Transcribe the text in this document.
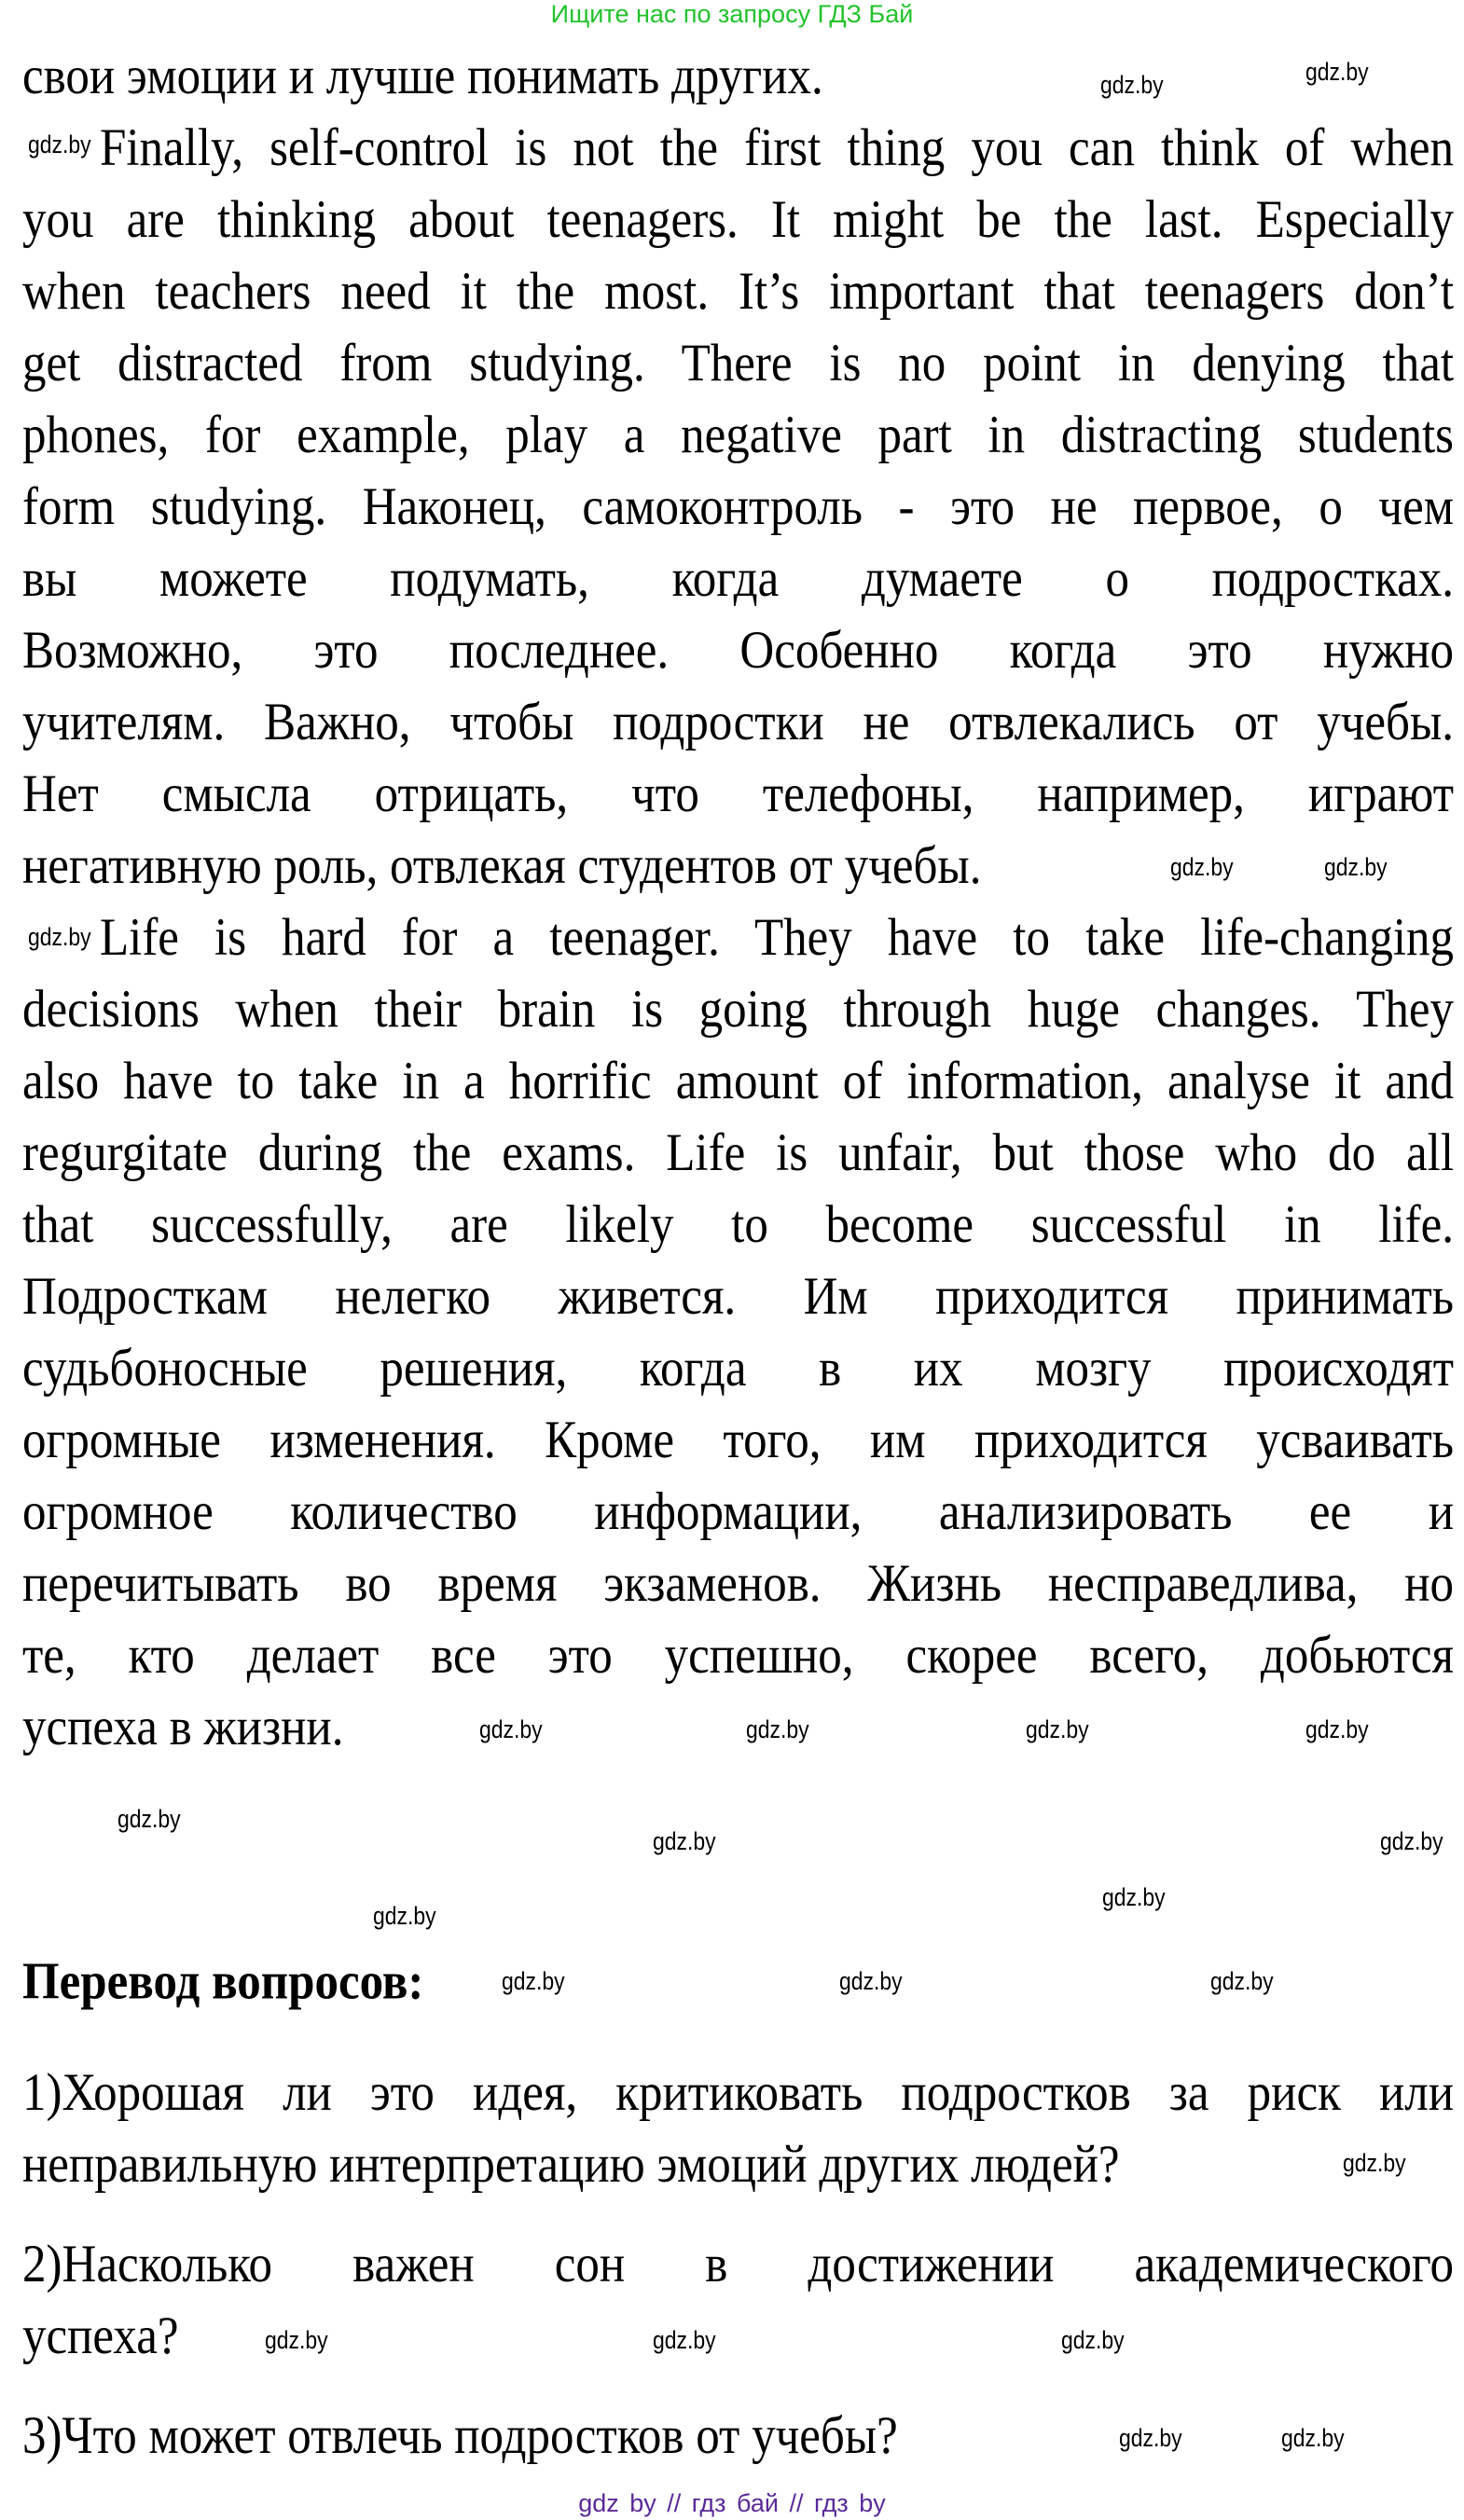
Ищите нас по запросу ГДЗ Бай
свои эмоции и лучше понимать других.
Finally, self-control is not the first thing you can think of when
you are thinking about teenagers. It might be the last. Especially
when teachers need it the most. It’s important that teenagers don’t
get distracted from studying. There is no point in denying that
phones, for example, play a negative part in distracting students
form studying. Наконец, самоконтроль - это не первое, о чем
вы можете подумать, когда думаете о подростках.
Возможно, это последнее. Особенно когда это нужно
учителям. Важно, чтобы подростки не отвлекались от учебы.
Нет смысла отрицать, что телефоны, например, играют
негативную роль, отвлекая студентов от учебы.
Life is hard for a teenager. They have to take life-changing
decisions when their brain is going through huge changes. They
also have to take in a horrific amount of information, analyse it and
regurgitate during the exams. Life is unfair, but those who do all
that successfully, are likely to become successful in life.
Подросткам нелегко живется. Им приходится принимать
судьбоносные решения, когда в их мозгу происходят
огромные изменения. Кроме того, им приходится усваивать
огромное количество информации, анализировать ее и
перечитывать во время экзаменов. Жизнь несправедлива, но
те, кто делает все это успешно, скорее всего, добьются
успеха в жизни.
Перевод вопросов:
1)Хорошая ли это идея, критиковать подростков за риск или
неправильную интерпретацию эмоций других людей?
2)Насколько важен сон в достижении академического
успеха?
3)Что может отвлечь подростков от учебы?
gdz.by
gdz.by
gdz.by
gdz.by	gdz.by
gdz.by
gdz.by	gdz.by	gdz.by	gdz.by
gdz.by
gdz.by
gdz.by
gdz.by
gdz.by	gdz.by
gdz.by
gdz.by
gdz.by	gdz.by	gdz.by
gdz.by
gdz.by
gdz.by
gdz by // гдз бай // гдз by
